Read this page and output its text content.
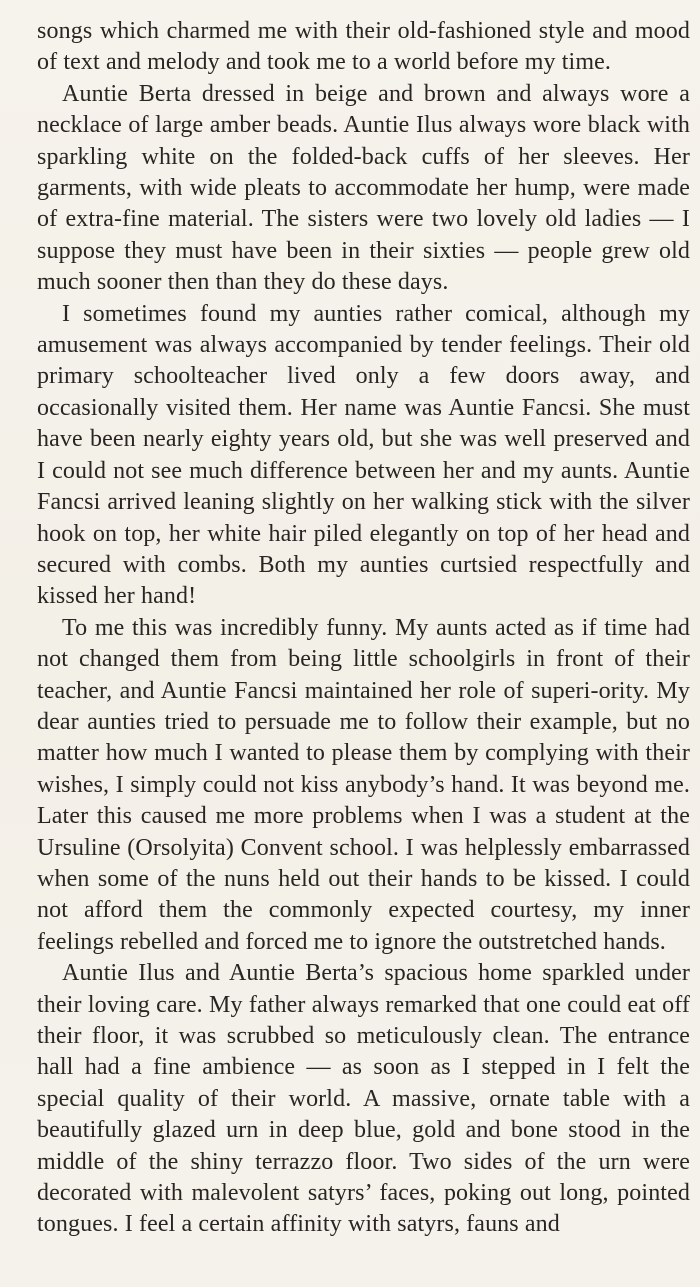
songs which charmed me with their old-fashioned style and mood of text and melody and took me to a world before my time.

Auntie Berta dressed in beige and brown and always wore a necklace of large amber beads. Auntie Ilus always wore black with sparkling white on the folded-back cuffs of her sleeves. Her garments, with wide pleats to accommodate her hump, were made of extra-fine material. The sisters were two lovely old ladies — I suppose they must have been in their sixties — people grew old much sooner then than they do these days.

I sometimes found my aunties rather comical, although my amusement was always accompanied by tender feelings. Their old primary schoolteacher lived only a few doors away, and occasionally visited them. Her name was Auntie Fancsi. She must have been nearly eighty years old, but she was well preserved and I could not see much difference between her and my aunts. Auntie Fancsi arrived leaning slightly on her walking stick with the silver hook on top, her white hair piled elegantly on top of her head and secured with combs. Both my aunties curtsied respectfully and kissed her hand!

To me this was incredibly funny. My aunts acted as if time had not changed them from being little schoolgirls in front of their teacher, and Auntie Fancsi maintained her role of superi-ority. My dear aunties tried to persuade me to follow their example, but no matter how much I wanted to please them by complying with their wishes, I simply could not kiss anybody’s hand. It was beyond me. Later this caused me more problems when I was a student at the Ursuline (Orsolyita) Convent school. I was helplessly embarrassed when some of the nuns held out their hands to be kissed. I could not afford them the commonly expected courtesy, my inner feelings rebelled and forced me to ignore the outstretched hands.

Auntie Ilus and Auntie Berta’s spacious home sparkled under their loving care. My father always remarked that one could eat off their floor, it was scrubbed so meticulously clean. The entrance hall had a fine ambience — as soon as I stepped in I felt the special quality of their world. A massive, ornate table with a beautifully glazed urn in deep blue, gold and bone stood in the middle of the shiny terrazzo floor. Two sides of the urn were decorated with malevolent satyrs’ faces, poking out long, pointed tongues. I feel a certain affinity with satyrs, fauns and
